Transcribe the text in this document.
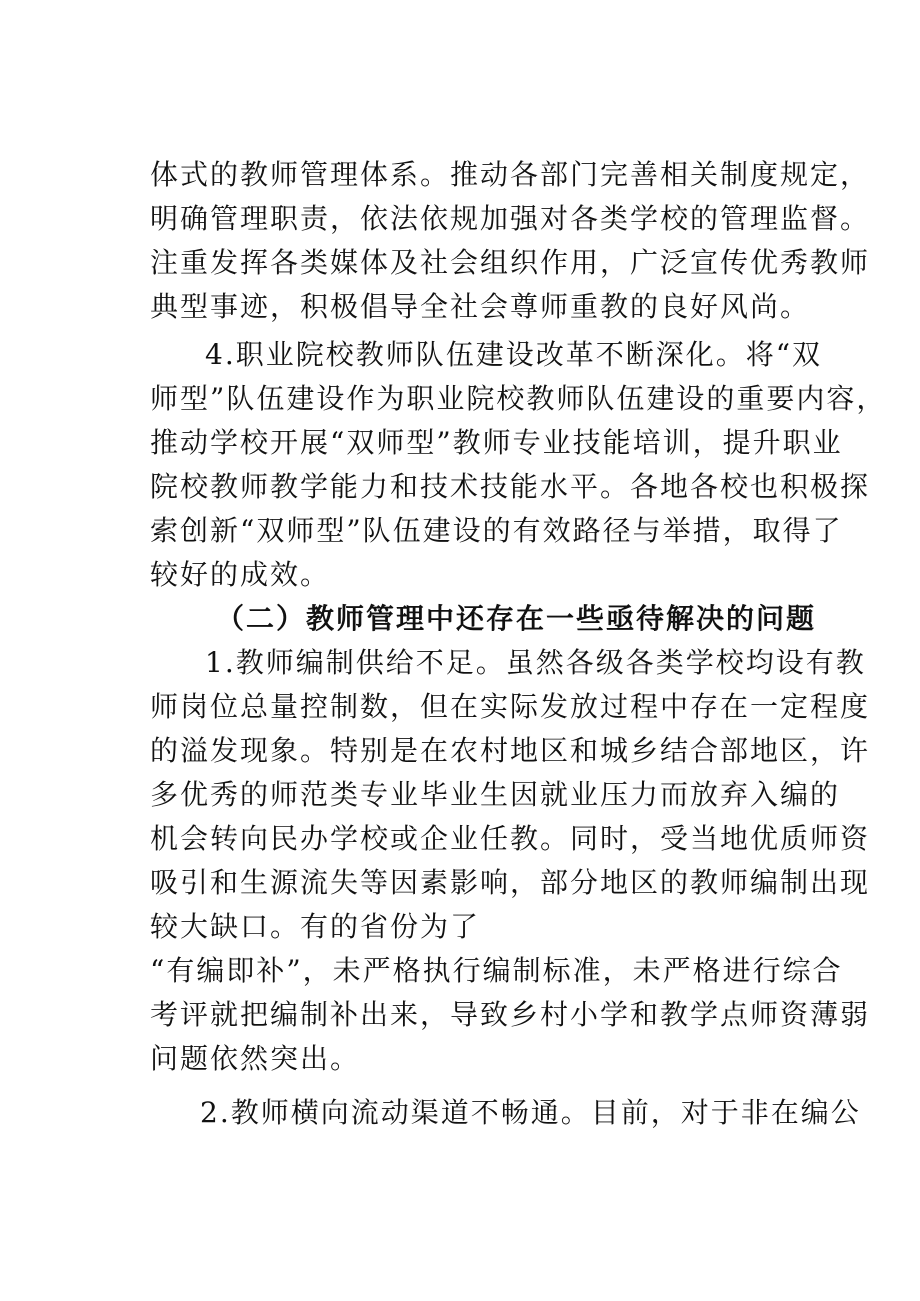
体式的教师管理体系。推动各部门完善相关制度规定，
明确管理职责，依法依规加强对各类学校的管理监督。
注重发挥各类媒体及社会组织作用，广泛宣传优秀教师
典型事迹，积极倡导全社会尊师重教的良好风尚。
4.职业院校教师队伍建设改革不断深化。将“双
师型”队伍建设作为职业院校教师队伍建设的重要内容，
推动学校开展“双师型”教师专业技能培训，提升职业
院校教师教学能力和技术技能水平。各地各校也积极探
索创新“双师型”队伍建设的有效路径与举措，取得了
较好的成效。
（二）教师管理中还存在一些亟待解决的问题
1.教师编制供给不足。虽然各级各类学校均设有教
师岗位总量控制数，但在实际发放过程中存在一定程度
的溢发现象。特别是在农村地区和城乡结合部地区，许
多优秀的师范类专业毕业生因就业压力而放弃入编的
机会转向民办学校或企业任教。同时，受当地优质师资
吸引和生源流失等因素影响，部分地区的教师编制出现
较大缺口。有的省份为了
“有编即补”，未严格执行编制标准，未严格进行综合
考评就把编制补出来，导致乡村小学和教学点师资薄弱
问题依然突出。
2.教师横向流动渠道不畅通。目前，对于非在编公
